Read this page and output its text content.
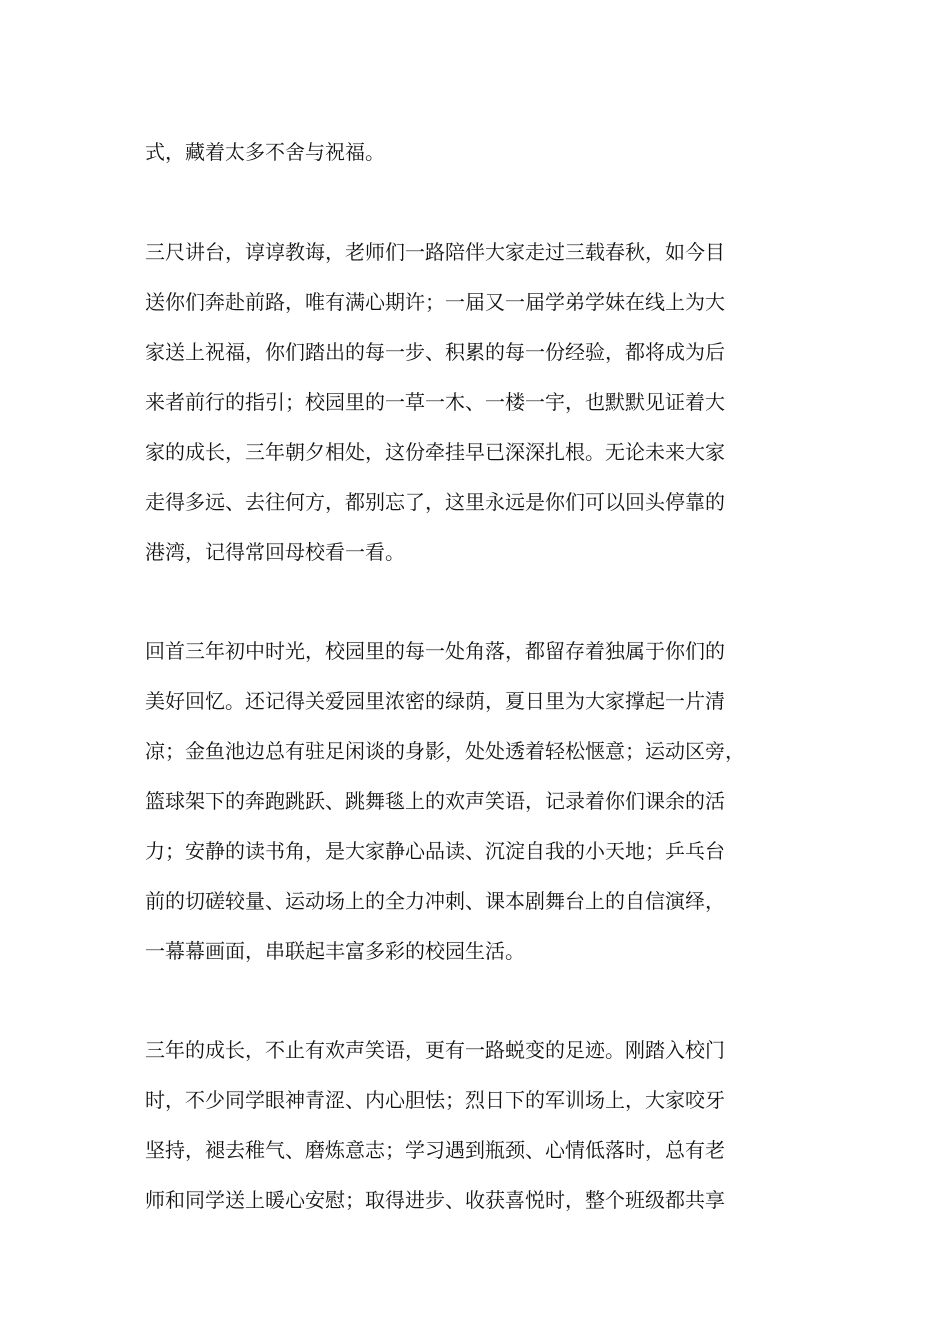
式，藏着太多不舍与祝福。
三尺讲台，谆谆教诲，老师们一路陪伴大家走过三载春秋，如今目
送你们奔赴前路，唯有满心期许；一届又一届学弟学妹在线上为大
家送上祝福，你们踏出的每一步、积累的每一份经验，都将成为后
来者前行的指引；校园里的一草一木、一楼一宇，也默默见证着大
家的成长，三年朝夕相处，这份牵挂早已深深扎根。无论未来大家
走得多远、去往何方，都别忘了，这里永远是你们可以回头停靠的
港湾，记得常回母校看一看。
回首三年初中时光，校园里的每一处角落，都留存着独属于你们的
美好回忆。还记得关爱园里浓密的绿荫，夏日里为大家撑起一片清
凉；金鱼池边总有驻足闲谈的身影，处处透着轻松惬意；运动区旁，
篮球架下的奔跑跳跃、跳舞毯上的欢声笑语，记录着你们课余的活
力；安静的读书角，是大家静心品读、沉淀自我的小天地；乒乓台
前的切磋较量、运动场上的全力冲刺、课本剧舞台上的自信演绎，
一幕幕画面，串联起丰富多彩的校园生活。
三年的成长，不止有欢声笑语，更有一路蜕变的足迹。刚踏入校门
时，不少同学眼神青涩、内心胆怯；烈日下的军训场上，大家咬牙
坚持，褪去稚气、磨炼意志；学习遇到瓶颈、心情低落时，总有老
师和同学送上暖心安慰；取得进步、收获喜悦时，整个班级都共享
